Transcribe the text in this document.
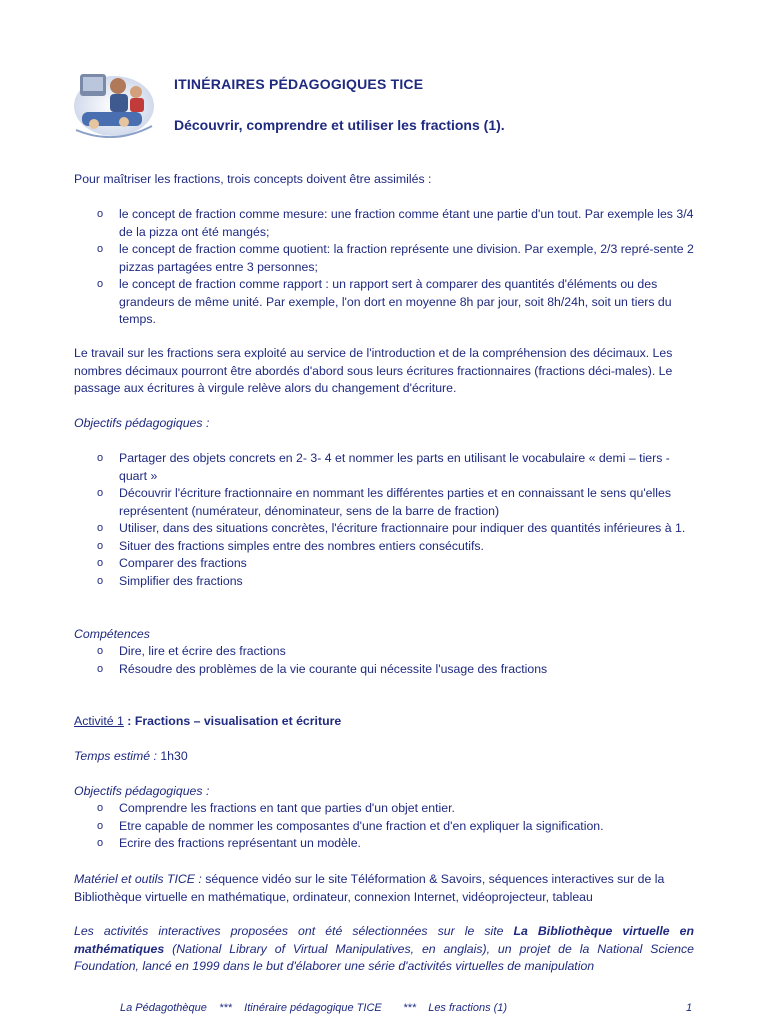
ITINÉRAIRES PÉDAGOGIQUES TICE
Découvrir, comprendre et utiliser les fractions (1).
Pour maîtriser les fractions, trois concepts doivent être assimilés :
o le concept de fraction comme mesure: une fraction comme étant une partie d'un tout. Par exemple les 3/4 de la pizza ont été mangés;
o le concept de fraction comme quotient: la fraction représente une division. Par exemple, 2/3 repré-sente 2 pizzas partagées entre 3 personnes;
o le concept de fraction comme rapport : un rapport sert à comparer des quantités d'éléments ou des grandeurs de même unité. Par exemple, l'on dort en moyenne 8h par jour, soit 8h/24h, soit un tiers du temps.
Le travail sur les fractions sera exploité au service de l'introduction et de la compréhension des décimaux. Les nombres décimaux pourront être abordés d'abord sous leurs écritures fractionnaires (fractions déci-males). Le passage aux écritures à virgule relève alors du changement d'écriture.
Objectifs pédagogiques :
o Partager des objets concrets en 2- 3- 4 et nommer les parts en utilisant le vocabulaire « demi – tiers - quart »
o Découvrir l'écriture fractionnaire en nommant les différentes parties et en connaissant le sens qu'elles représentent (numérateur, dénominateur, sens de la barre de fraction)
o Utiliser, dans des situations concrètes, l'écriture fractionnaire pour indiquer des quantités inférieures à 1.
o Situer des fractions simples entre des nombres entiers consécutifs.
o Comparer des fractions
o Simplifier des fractions
Compétences
o Dire, lire et écrire des fractions
o Résoudre des problèmes de la vie courante qui nécessite l'usage des fractions
Activité 1 : Fractions – visualisation et écriture
Temps estimé : 1h30
Objectifs pédagogiques :
o Comprendre les fractions en tant que parties d'un objet entier.
o Etre capable de nommer les composantes d'une fraction et d'en expliquer la signification.
o Ecrire des fractions représentant un modèle.
Matériel et outils TICE : séquence vidéo sur le site Téléformation & Savoirs, séquences interactives sur de la Bibliothèque virtuelle en mathématique, ordinateur, connexion Internet, vidéoprojecteur, tableau
Les activités interactives proposées ont été sélectionnées sur le site La Bibliothèque virtuelle en mathématiques (National Library of Virtual Manipulatives, en anglais), un projet de la National Science Foundation, lancé en 1999 dans le but d'élaborer une série d'activités virtuelles de manipulation
La Pédagothèque    ***    Itinéraire pédagogique TICE       ***    Les fractions (1)	1
